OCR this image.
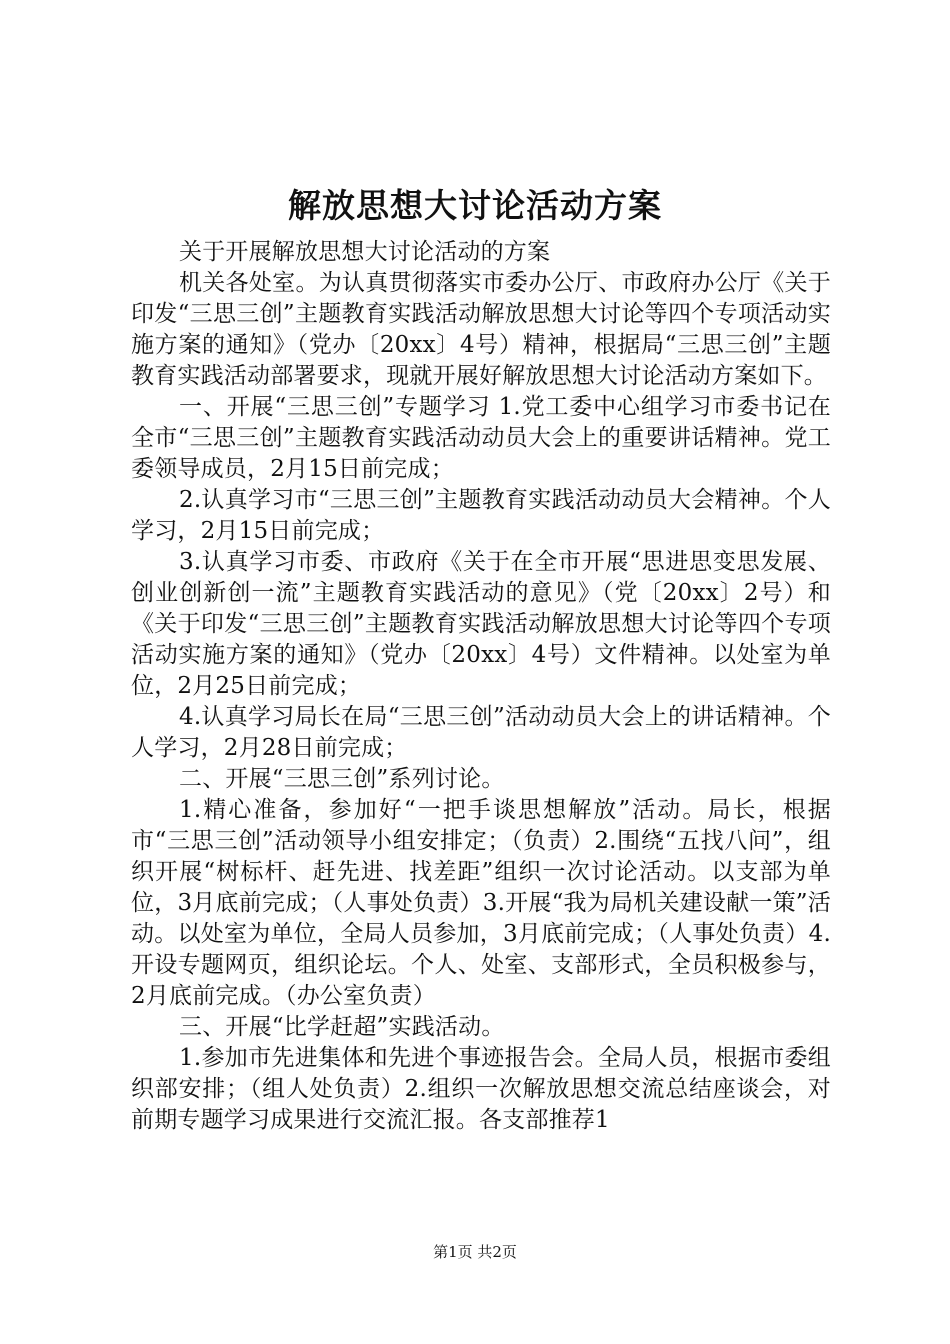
解放思想大讨论活动方案

关于开展解放思想大讨论活动的方案

机关各处室。为认真贯彻落实市委办公厅、市政府办公厅《关于印发“三思三创”主题教育实践活动解放思想大讨论等四个专项活动实施方案的通知》（党办〔20xx〕4号）精神，根据局“三思三创”主题教育实践活动部署要求，现就开展好解放思想大讨论活动方案如下。

一、开展“三思三创”专题学习 1.党工委中心组学习市委书记在全市“三思三创”主题教育实践活动动员大会上的重要讲话精神。党工委领导成员，2月15日前完成；

2.认真学习市“三思三创”主题教育实践活动动员大会精神。个人学习，2月15日前完成；

3.认真学习市委、市政府《关于在全市开展“思进思变思发展、创业创新创一流”主题教育实践活动的意见》（党〔20xx〕2号）和《关于印发“三思三创”主题教育实践活动解放思想大讨论等四个专项活动实施方案的通知》（党办〔20xx〕4号）文件精神。以处室为单位，2月25日前完成；

4.认真学习局长在局“三思三创”活动动员大会上的讲话精神。个人学习，2月28日前完成；

二、开展“三思三创”系列讨论。

1.精心准备，参加好“一把手谈思想解放”活动。局长，根据市“三思三创”活动领导小组安排定；（负责）2.围绕“五找八问”，组织开展“树标杆、赶先进、找差距”组织一次讨论活动。以支部为单位，3月底前完成；（人事处负责）3.开展“我为局机关建设献一策”活动。以处室为单位，全局人员参加，3月底前完成；（人事处负责）4.开设专题网页，组织论坛。个人、处室、支部形式，全员积极参与，2月底前完成。（办公室负责）

三、开展“比学赶超”实践活动。

1.参加市先进集体和先进个事迹报告会。全局人员，根据市委组织部安排；（组人处负责）2.组织一次解放思想交流总结座谈会，对前期专题学习成果进行交流汇报。各支部推荐1

第1页 共2页
